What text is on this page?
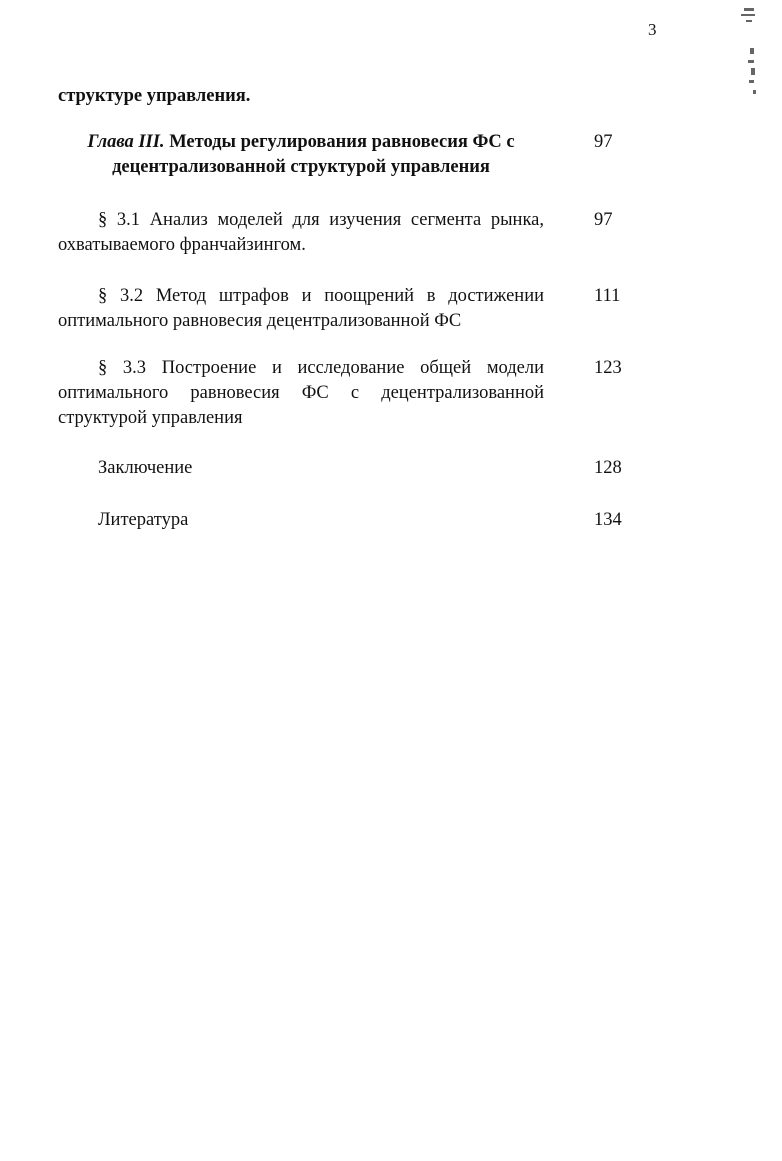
3
структуре управления.
Глава III. Методы регулирования равновесия ФС с децентрализованной структурой управления
97
§ 3.1 Анализ моделей для изучения сегмента рынка, охватываемого франчайзингом.
97
§ 3.2 Метод штрафов и поощрений в достижении оптимального равновесия децентрализованной ФС
111
§ 3.3 Построение и исследование общей модели оптимального равновесия ФС с децентрализованной структурой управления
123
Заключение	128
Литература	134
